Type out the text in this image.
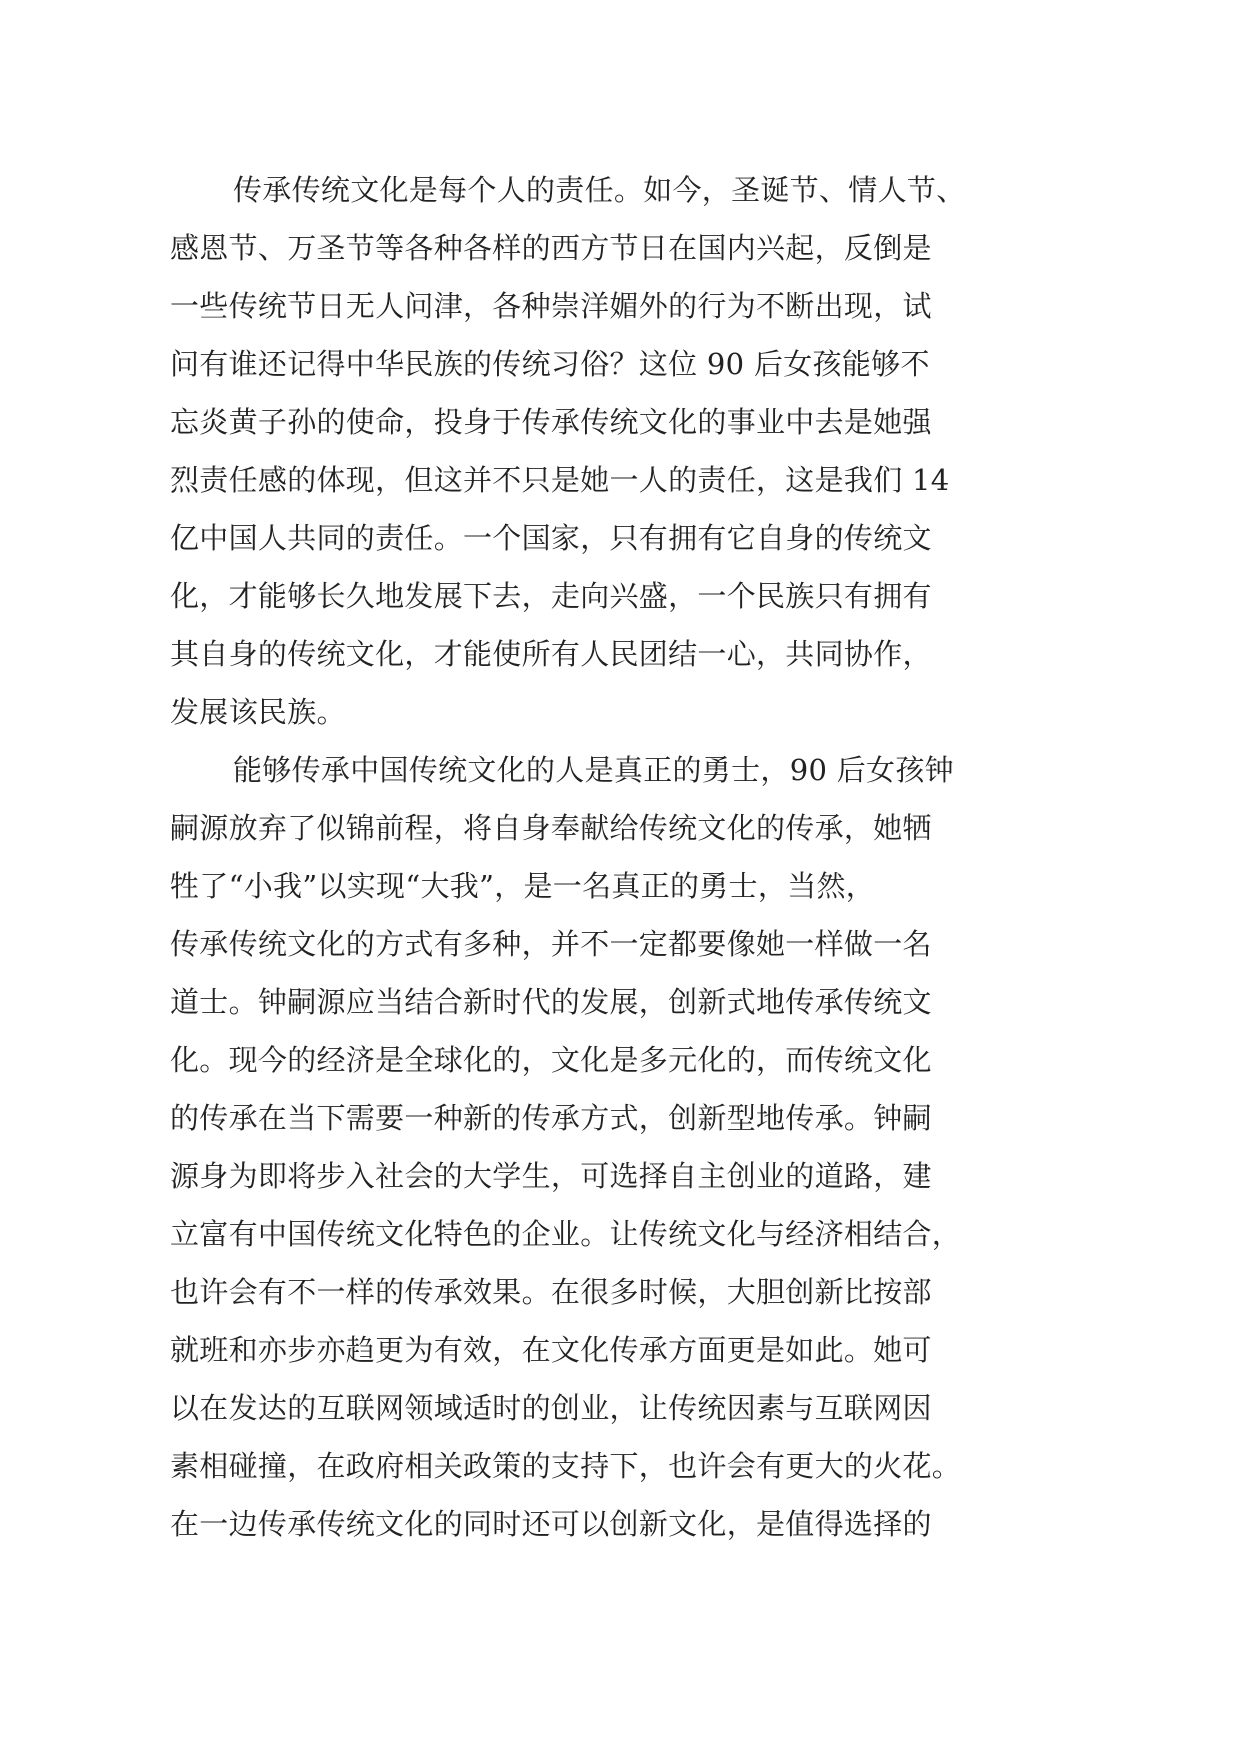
传承传统文化是每个人的责任。如今，圣诞节、情人节、
感恩节、万圣节等各种各样的西方节日在国内兴起，反倒是
一些传统节日无人问津，各种崇洋媚外的行为不断出现，试
问有谁还记得中华民族的传统习俗？这位 90 后女孩能够不
忘炎黄子孙的使命，投身于传承传统文化的事业中去是她强
烈责任感的体现，但这并不只是她一人的责任，这是我们 14
亿中国人共同的责任。一个国家，只有拥有它自身的传统文
化，才能够长久地发展下去，走向兴盛，一个民族只有拥有
其自身的传统文化，才能使所有人民团结一心，共同协作，
发展该民族。
能够传承中国传统文化的人是真正的勇士，90 后女孩钟
嗣源放弃了似锦前程，将自身奉献给传统文化的传承，她牺
牲了“小我”以实现“大我”，是一名真正的勇士，当然，
传承传统文化的方式有多种，并不一定都要像她一样做一名
道士。钟嗣源应当结合新时代的发展，创新式地传承传统文
化。现今的经济是全球化的，文化是多元化的，而传统文化
的传承在当下需要一种新的传承方式，创新型地传承。钟嗣
源身为即将步入社会的大学生，可选择自主创业的道路，建
立富有中国传统文化特色的企业。让传统文化与经济相结合，
也许会有不一样的传承效果。在很多时候，大胆创新比按部
就班和亦步亦趋更为有效，在文化传承方面更是如此。她可
以在发达的互联网领域适时的创业，让传统因素与互联网因
素相碰撞，在政府相关政策的支持下，也许会有更大的火花。
在一边传承传统文化的同时还可以创新文化，是值得选择的
